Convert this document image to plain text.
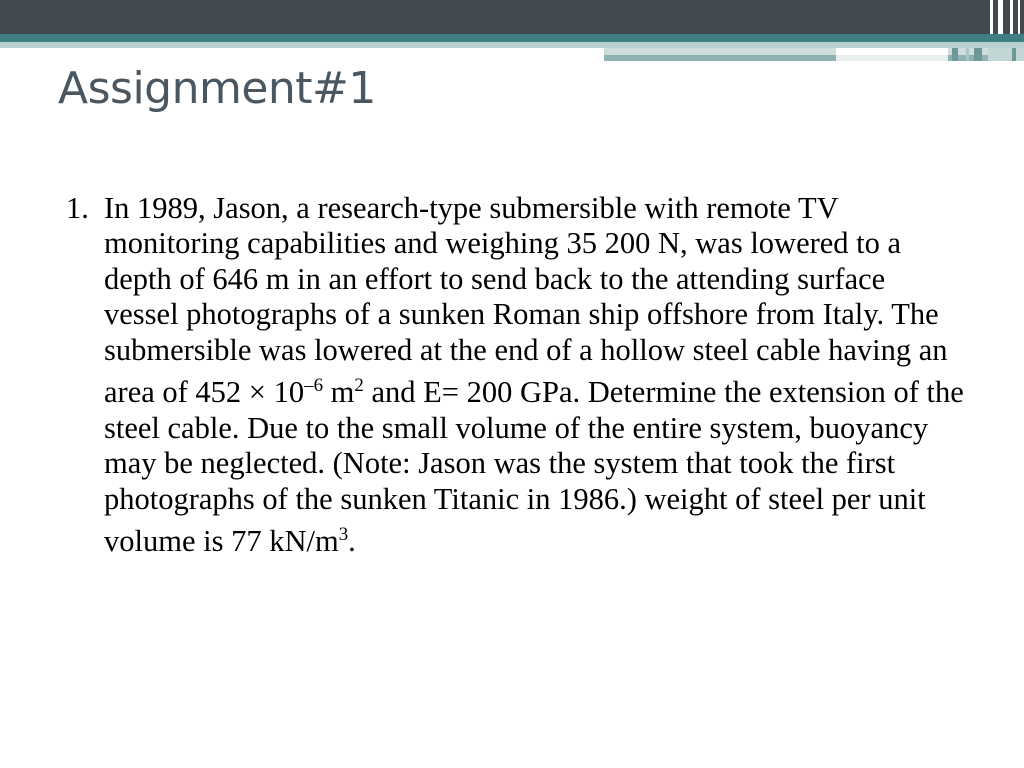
Assignment#1

1. In 1989, Jason, a research-type submersible with remote TV monitoring capabilities and weighing 35 200 N, was lowered to a depth of 646 m in an effort to send back to the attending surface vessel photographs of a sunken Roman ship offshore from Italy. The submersible was lowered at the end of a hollow steel cable having an area of $452 \times 10^{-6}$ $m^2$ and E= 200 GPa. Determine the extension of the steel cable. Due to the small volume of the entire system, buoyancy may be neglected. (Note: Jason was the system that took the first photographs of the sunken Titanic in 1986.) weight of steel per unit volume is 77 $kN/m^3$.
